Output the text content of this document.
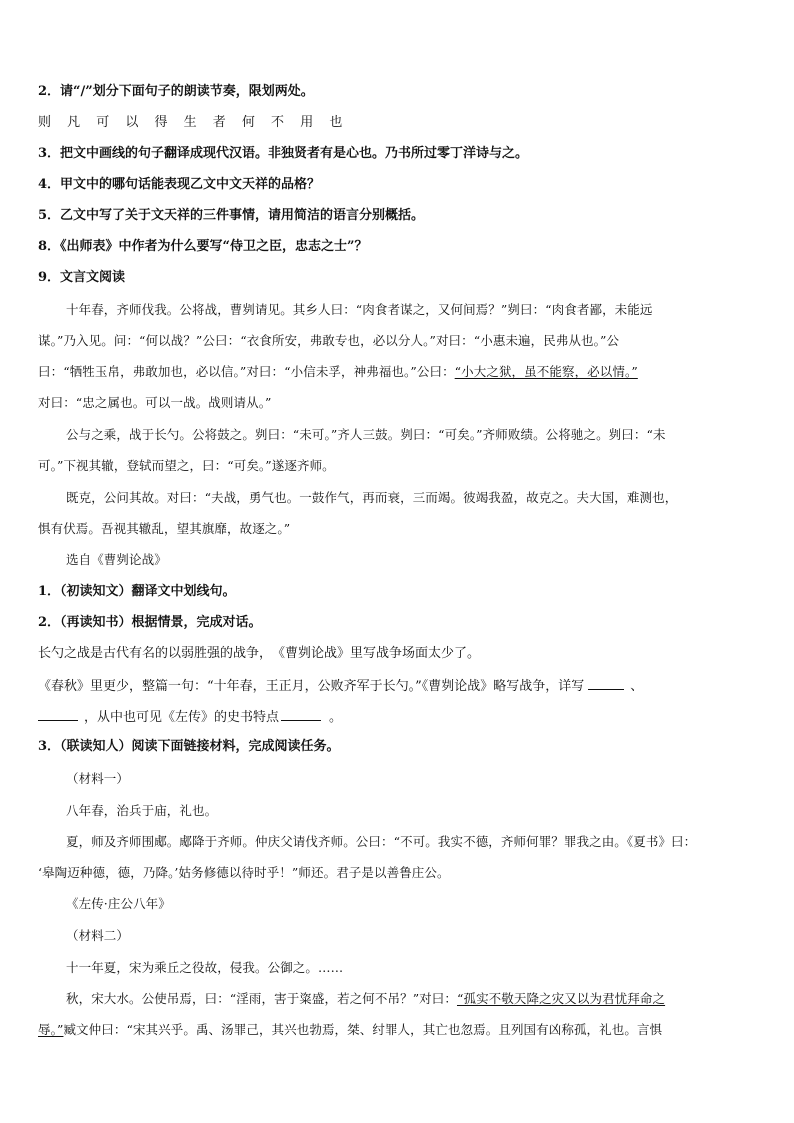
2．请“/”划分下面句子的朗读节奏，限划两处。
则 凡 可 以 得 生 者 何 不 用 也
3．把文中画线的句子翻译成现代汉语。非独贤者有是心也。乃书所过零丁洋诗与之。
4．甲文中的哪句话能表现乙文中文天祥的品格？
5．乙文中写了关于文天祥的三件事情，请用简洁的语言分别概括。
8．《出师表》中作者为什么要写“侍卫之臣，忠志之士”？
9．文言文阅读
十年春，齐师伐我。公将战，曹刿请见。其乡人曰：“肉食者谋之，又何间焉？”刿曰：“肉食者鄙，未能远
谋。”乃入见。问：“何以战？”公曰：“衣食所安，弗敢专也，必以分人。”对曰：“小惠未遍，民弗从也。”公
曰：“牺牲玉帛，弗敢加也，必以信。”对曰：“小信未孚，神弗福也。”公曰：“小大之狱，虽不能察，必以情。”
对曰：“忠之属也。可以一战。战则请从。”
公与之乘，战于长勺。公将鼓之。刿曰：“未可。”齐人三鼓。刿曰：“可矣。”齐师败绩。公将驰之。刿曰：“未
可。”下视其辙，登轼而望之，曰：“可矣。”遂逐齐师。
既克，公问其故。对曰：“夫战，勇气也。一鼓作气，再而衰，三而竭。彼竭我盈，故克之。夫大国，难测也，
惧有伏焉。吾视其辙乱，望其旗靡，故逐之。”
选自《曹刿论战》
1．（初读知文）翻译文中划线句。
2．（再读知书）根据情景，完成对话。
长勺之战是古代有名的以弱胜强的战争，　《曹刿论战》里写战争场面太少了。
《春秋》里更少，整篇一句：“十年春，王正月，公败齐军于长勺。”《曹刿论战》略写战争，详写	、
，从中也可见《左传》的史书特点	。
3．（联读知人）阅读下面链接材料，完成阅读任务。
（材料一）
八年春，治兵于庙，礼也。
夏，师及齐师围郕。郕降于齐师。仲庆父请伐齐师。公曰：“不可。我实不德，齐师何罪？罪我之由。《夏书》曰：
‘皋陶迈种德，德，乃降。’姑务修德以待时乎！”师还。君子是以善鲁庄公。
《左传·庄公八年》
（材料二）
十一年夏，宋为乘丘之役故，侵我。公御之。……
秋，宋大水。公使吊焉，曰：“淫雨，害于粢盛，若之何不吊？”对曰：“孤实不敬天降之灾又以为君忧拜命之
辱。”臧文仲曰：“宋其兴乎。禹、汤罪己，其兴也勃焉，桀、纣罪人，其亡也忽焉。且列国有凶称孤，礼也。言惧
